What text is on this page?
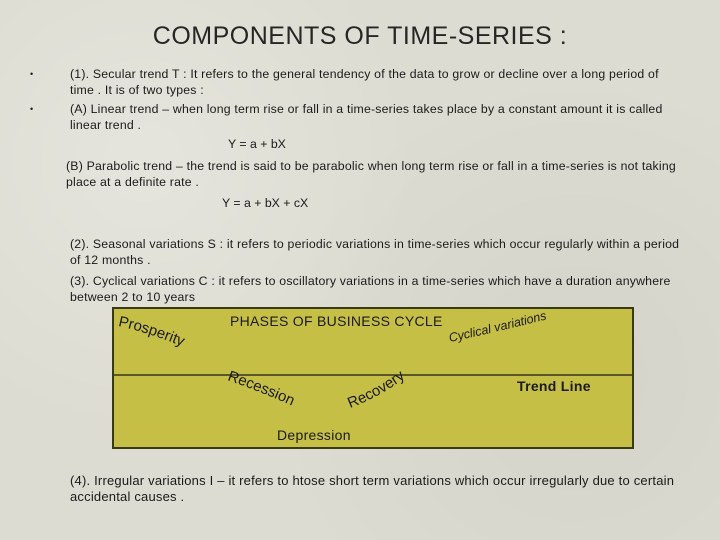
COMPONENTS OF TIME-SERIES :
•	(1). Secular trend T : It refers to the general tendency of the data to grow or decline over a long period of time . It is of two types :
•	(A) Linear trend – when long term rise or fall in a time-series takes place by a constant amount it is called linear trend .
Y = a + bX
(B) Parabolic trend – the trend is said to be parabolic when long term rise or fall in a time-series is not taking place at a definite rate .
Y = a + bX + cX
(2). Seasonal variations S : it refers to periodic variations in time-series which occur regularly within a period of 12 months .
(3). Cyclical variations C : it refers to oscillatory variations in a time-series which have a duration anywhere between 2 to 10 years
PHASES OF BUSINESS CYCLE
Trend Line
Depression
Prosperity
Recession	Recovery
Cyclical variations
(4). Irregular variations I – it refers to htose short term variations which occur irregularly due to certain accidental causes .
